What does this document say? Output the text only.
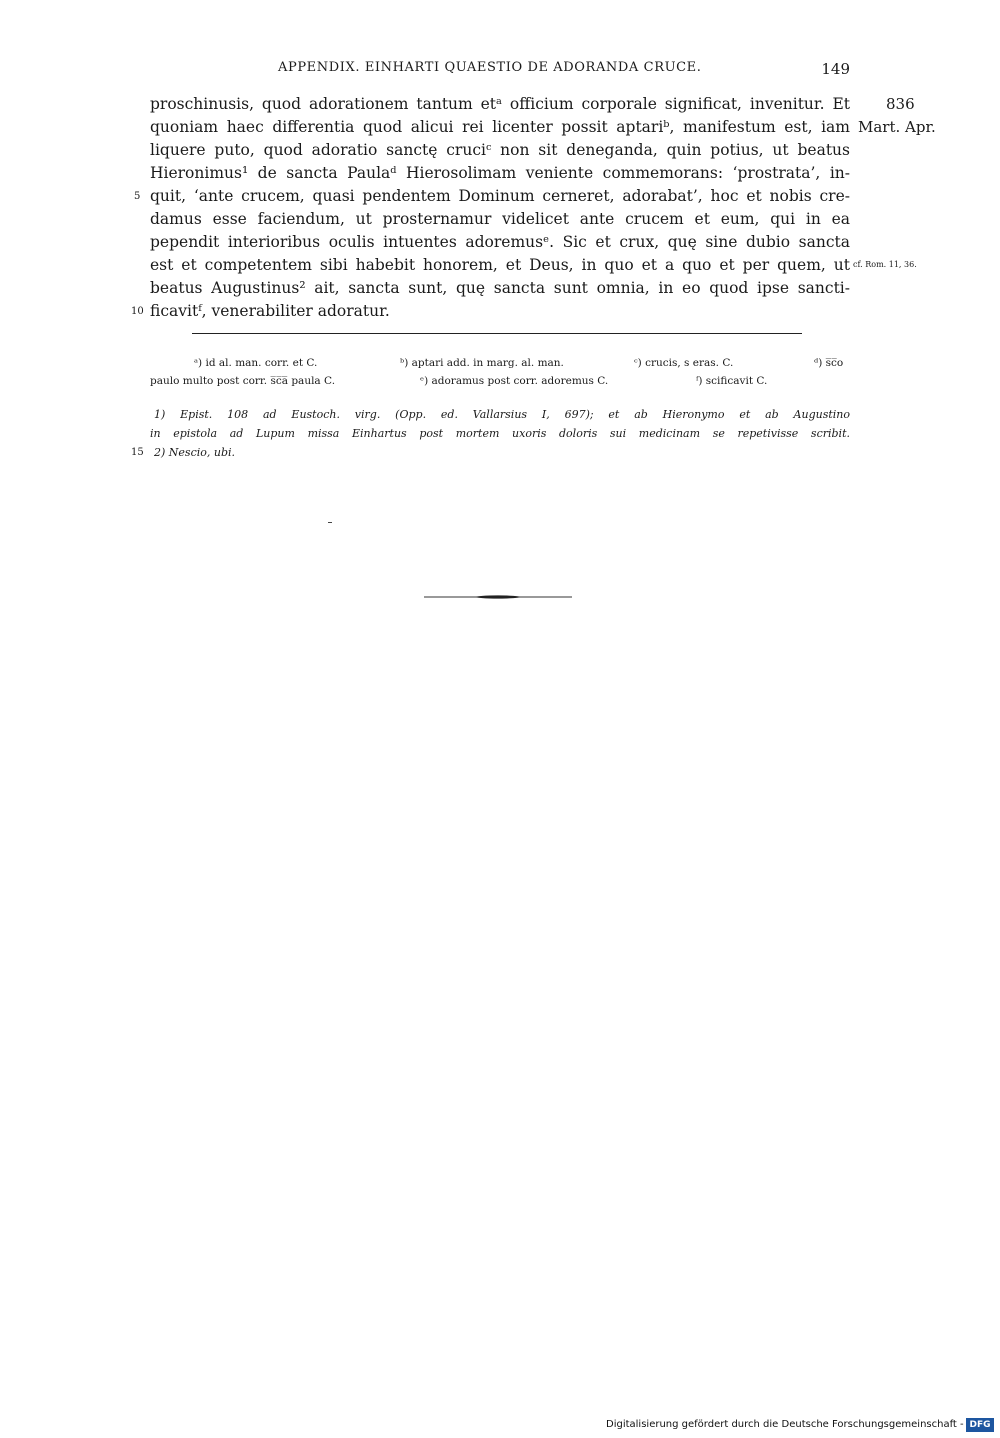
APPENDIX. EINHARTI QUAESTIO DE ADORANDA CRUCE.	149
proschinusis, quod adorationem tantum etᵃ officium corporale significat, invenitur. Et
quoniam haec differentia quod alicui rei licenter possit aptariᵇ, manifestum est, iam
liquere puto, quod adoratio sanctę cruciᶜ non sit deneganda, quin potius, ut beatus
Hieronimus¹ de sancta Paulaᵈ Hierosolimam veniente commemorans: ‘prostrata’, in-
quit, ‘ante crucem, quasi pendentem Dominum cerneret, adorabat’, hoc et nobis cre-
damus esse faciendum, ut prosternamur videlicet ante crucem et eum, qui in ea
pependit interioribus oculis intuentes adoremusᵉ. Sic et crux, quę sine dubio sancta
est et competentem sibi habebit honorem, et Deus, in quo et a quo et per quem, ut
beatus Augustinus² ait, sancta sunt, quę sancta sunt omnia, in eo quod ipse sancti-
ficavitᶠ, venerabiliter adoratur.
5
10
15
836
Mart. Apr.
cf. Rom. 11, 36.
ᵃ) id al. man. corr. et C.	ᵇ) aptari add. in marg. al. man.	ᶜ) crucis, s eras. C.	ᵈ) s̅c̅o
paulo multo post corr. s̅c̅a̅ paula C.	ᵉ) adoramus post corr. adoremus C.	ᶠ) scificavit C.
1) Epist. 108 ad Eustoch. virg. (Opp. ed. Vallarsius I, 697); et ab Hieronymo et ab Augustino
in epistola ad Lupum missa Einhartus post mortem uxoris doloris sui medicinam se repetivisse scribit.
2) Nescio, ubi.
Digitalisierung gefördert durch die Deutsche Forschungsgemeinschaft - DFG
